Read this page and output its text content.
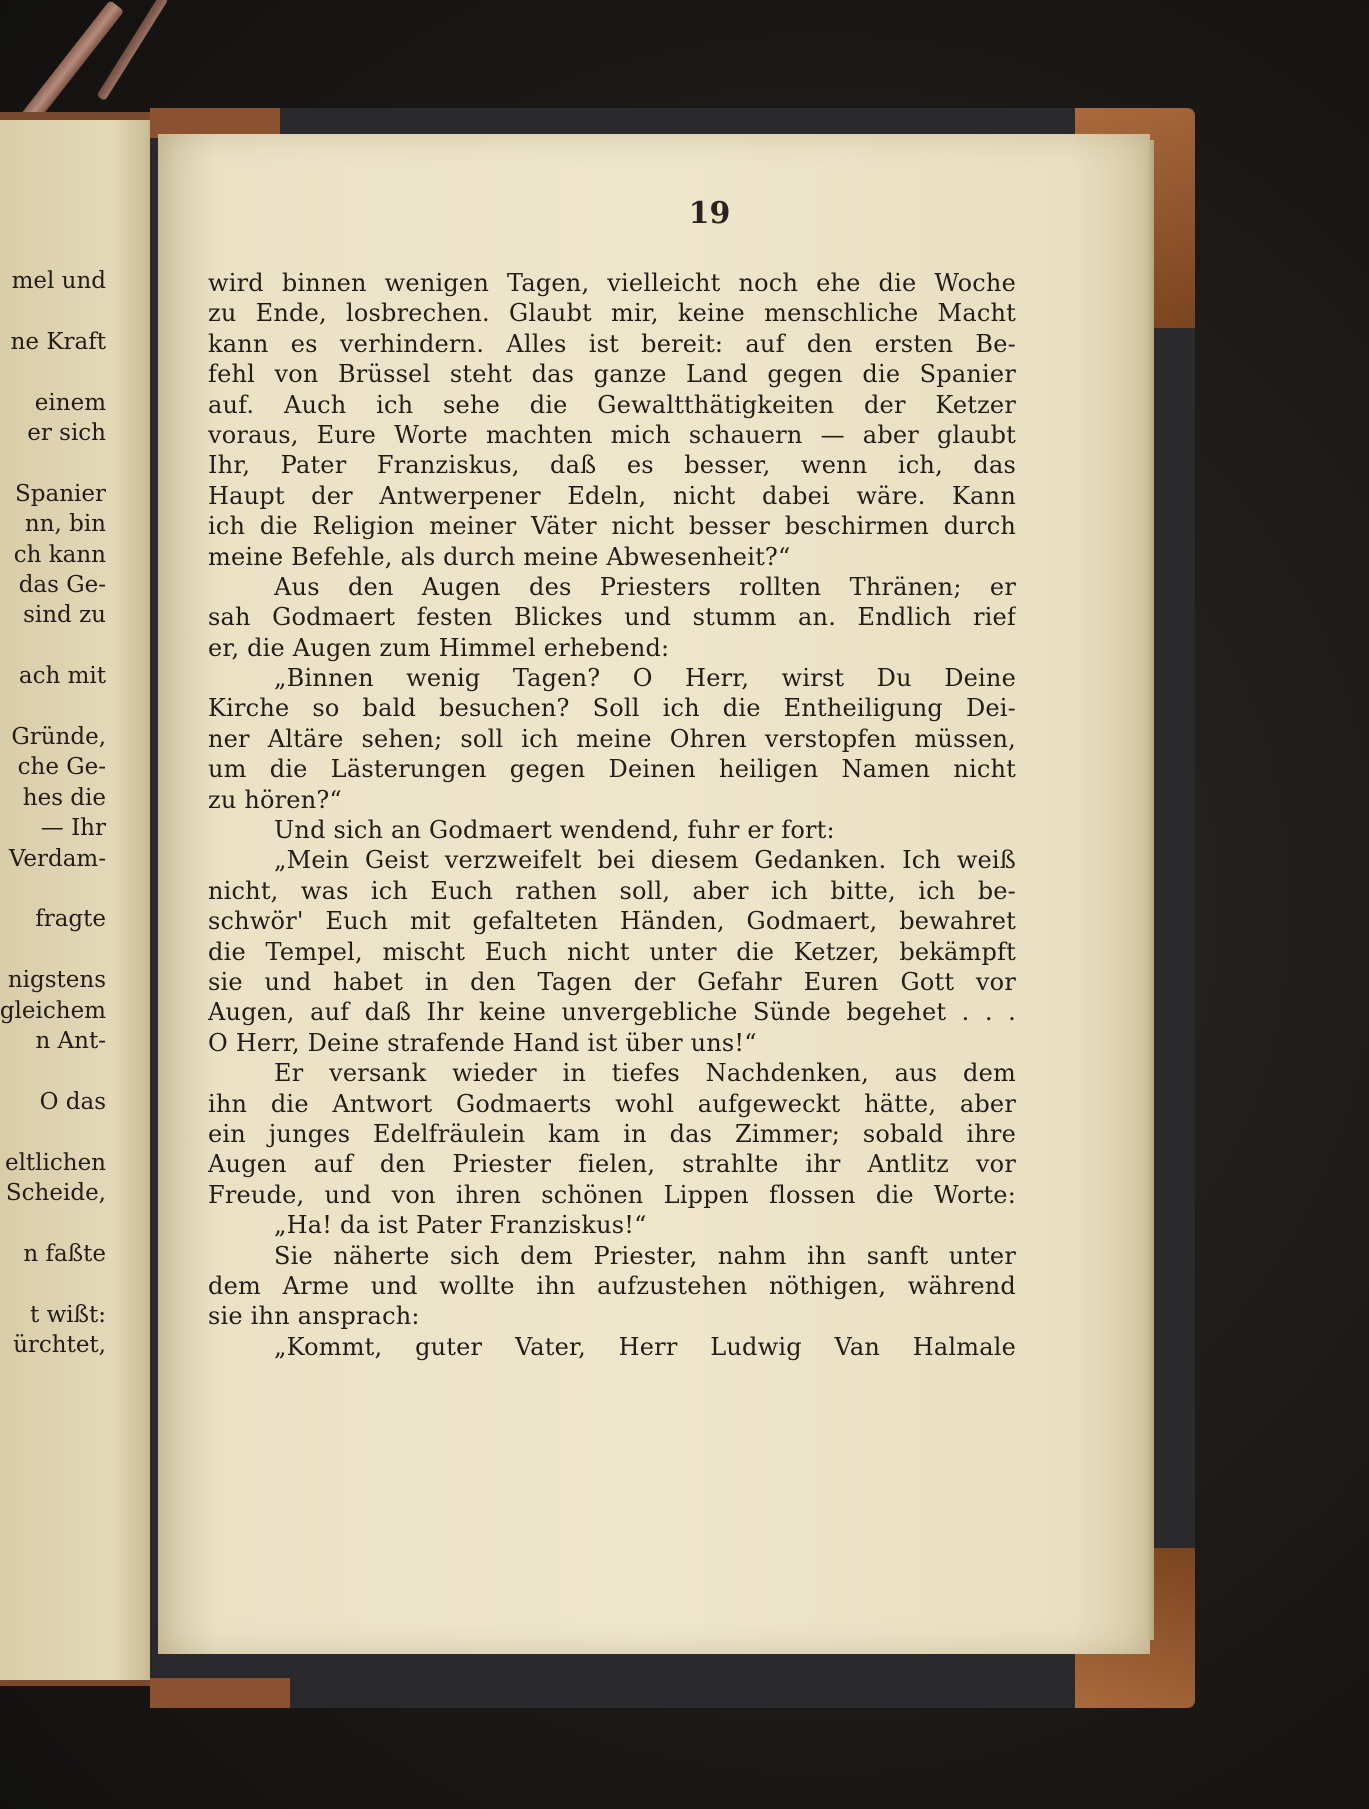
mel und
ne Kraft
einem
er sich
Spanier
nn, bin
ch kann
das Ge-
sind zu
ach mit
Gründe,
che Ge-
hes die
— Ihr
Verdam-
fragte
nigstens
gleichem
n Ant-
O das
eltlichen
Scheide,
n faßte
t wißt:
ürchtet,
19
wird binnen wenigen Tagen, vielleicht noch ehe die Woche
zu Ende, losbrechen. Glaubt mir, keine menschliche Macht
kann es verhindern. Alles ist bereit: auf den ersten Be-
fehl von Brüssel steht das ganze Land gegen die Spanier
auf. Auch ich sehe die Gewaltthätigkeiten der Ketzer
voraus, Eure Worte machten mich schauern — aber glaubt
Ihr, Pater Franziskus, daß es besser, wenn ich, das
Haupt der Antwerpener Edeln, nicht dabei wäre. Kann
ich die Religion meiner Väter nicht besser beschirmen durch
meine Befehle, als durch meine Abwesenheit?“
Aus den Augen des Priesters rollten Thränen; er
sah Godmaert festen Blickes und stumm an. Endlich rief
er, die Augen zum Himmel erhebend:
„Binnen wenig Tagen? O Herr, wirst Du Deine
Kirche so bald besuchen? Soll ich die Entheiligung Dei-
ner Altäre sehen; soll ich meine Ohren verstopfen müssen,
um die Lästerungen gegen Deinen heiligen Namen nicht
zu hören?“
Und sich an Godmaert wendend, fuhr er fort:
„Mein Geist verzweifelt bei diesem Gedanken. Ich weiß
nicht, was ich Euch rathen soll, aber ich bitte, ich be-
schwör' Euch mit gefalteten Händen, Godmaert, bewahret
die Tempel, mischt Euch nicht unter die Ketzer, bekämpft
sie und habet in den Tagen der Gefahr Euren Gott vor
Augen, auf daß Ihr keine unvergebliche Sünde begehet . . .
O Herr, Deine strafende Hand ist über uns!“
Er versank wieder in tiefes Nachdenken, aus dem
ihn die Antwort Godmaerts wohl aufgeweckt hätte, aber
ein junges Edelfräulein kam in das Zimmer; sobald ihre
Augen auf den Priester fielen, strahlte ihr Antlitz vor
Freude, und von ihren schönen Lippen flossen die Worte:
„Ha! da ist Pater Franziskus!“
Sie näherte sich dem Priester, nahm ihn sanft unter
dem Arme und wollte ihn aufzustehen nöthigen, während
sie ihn ansprach:
„Kommt, guter Vater, Herr Ludwig Van Halmale
